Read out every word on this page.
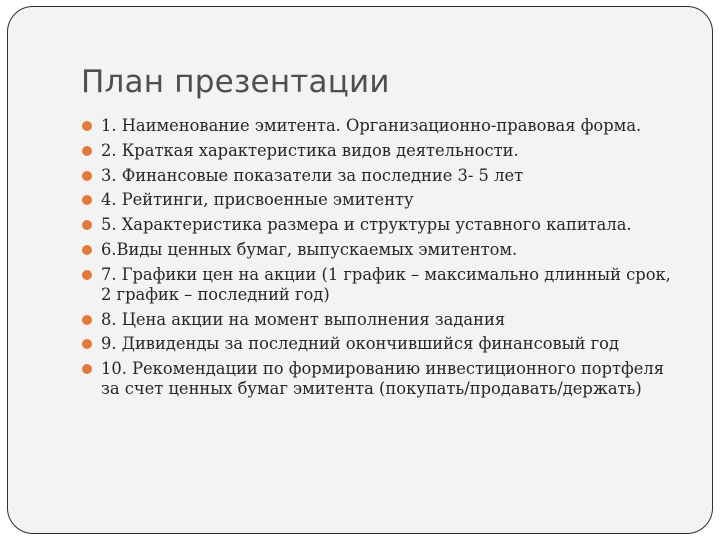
План презентации
1. Наименование эмитента. Организационно-правовая форма.
2. Краткая характеристика видов деятельности.
3. Финансовые показатели за последние 3- 5 лет
4. Рейтинги, присвоенные эмитенту
5. Характеристика размера и структуры уставного капитала.
6.Виды ценных бумаг, выпускаемых эмитентом.
7. Графики цен на акции (1 график – максимально длинный срок, 2 график – последний год)
8. Цена акции на момент выполнения задания
9. Дивиденды за последний окончившийся финансовый год
10. Рекомендации по формированию инвестиционного портфеля за счет ценных бумаг эмитента (покупать/продавать/держать)
